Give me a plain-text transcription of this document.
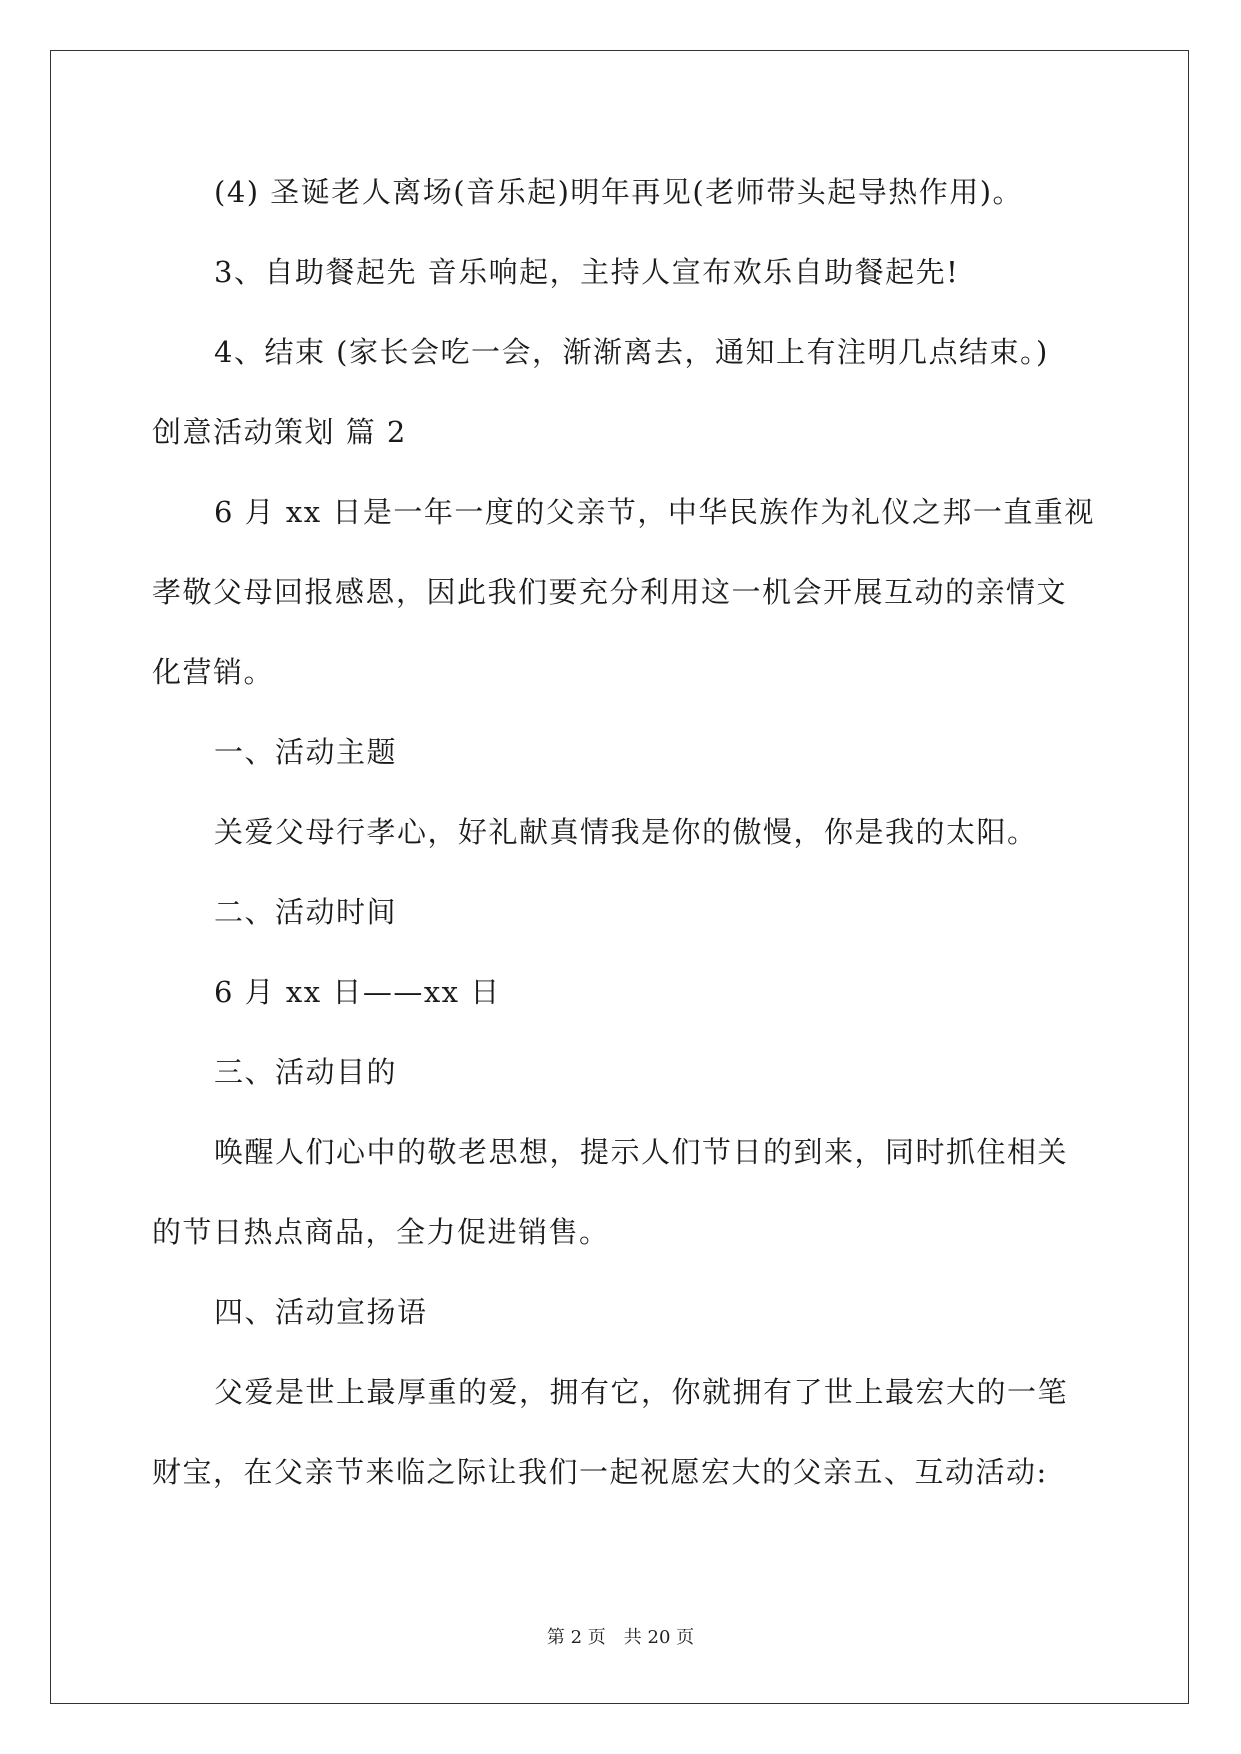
(4) 圣诞老人离场(音乐起)明年再见(老师带头起导热作用)。
3、自助餐起先 音乐响起，主持人宣布欢乐自助餐起先!
4、结束 (家长会吃一会，渐渐离去，通知上有注明几点结束。)
创意活动策划 篇 2
6 月 xx 日是一年一度的父亲节，中华民族作为礼仪之邦一直重视
孝敬父母回报感恩，因此我们要充分利用这一机会开展互动的亲情文
化营销。
一、活动主题
关爱父母行孝心，好礼献真情我是你的傲慢，你是我的太阳。
二、活动时间
6 月 xx 日——xx 日
三、活动目的
唤醒人们心中的敬老思想，提示人们节日的到来，同时抓住相关
的节日热点商品，全力促进销售。
四、活动宣扬语
父爱是世上最厚重的爱，拥有它，你就拥有了世上最宏大的一笔
财宝，在父亲节来临之际让我们一起祝愿宏大的父亲五、互动活动:
第 2 页　共 20 页
